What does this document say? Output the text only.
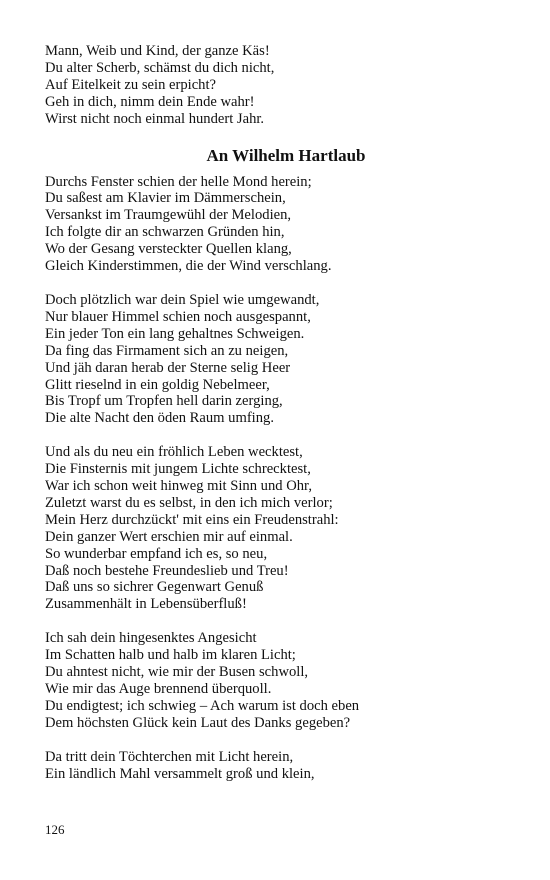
Mann, Weib und Kind, der ganze Käs!
Du alter Scherb, schämst du dich nicht,
Auf Eitelkeit zu sein erpicht?
Geh in dich, nimm dein Ende wahr!
Wirst nicht noch einmal hundert Jahr.
An Wilhelm Hartlaub
Durchs Fenster schien der helle Mond herein;
Du saßest am Klavier im Dämmerschein,
Versankst im Traumgewühl der Melodien,
Ich folgte dir an schwarzen Gründen hin,
Wo der Gesang versteckter Quellen klang,
Gleich Kinderstimmen, die der Wind verschlang.
Doch plötzlich war dein Spiel wie umgewandt,
Nur blauer Himmel schien noch ausgespannt,
Ein jeder Ton ein lang gehaltnes Schweigen.
Da fing das Firmament sich an zu neigen,
Und jäh daran herab der Sterne selig Heer
Glitt rieselnd in ein goldig Nebelmeer,
Bis Tropf um Tropfen hell darin zerging,
Die alte Nacht den öden Raum umfing.
Und als du neu ein fröhlich Leben wecktest,
Die Finsternis mit jungem Lichte schrecktest,
War ich schon weit hinweg mit Sinn und Ohr,
Zuletzt warst du es selbst, in den ich mich verlor;
Mein Herz durchzückt' mit eins ein Freudenstrahl:
Dein ganzer Wert erschien mir auf einmal.
So wunderbar empfand ich es, so neu,
Daß noch bestehe Freundeslieb und Treu!
Daß uns so sichrer Gegenwart Genuß
Zusammenhält in Lebensüberfluß!
Ich sah dein hingesenktes Angesicht
Im Schatten halb und halb im klaren Licht;
Du ahntest nicht, wie mir der Busen schwoll,
Wie mir das Auge brennend überquoll.
Du endigtest; ich schwieg – Ach warum ist doch eben
Dem höchsten Glück kein Laut des Danks gegeben?
Da tritt dein Töchterchen mit Licht herein,
Ein ländlich Mahl versammelt groß und klein,
126
